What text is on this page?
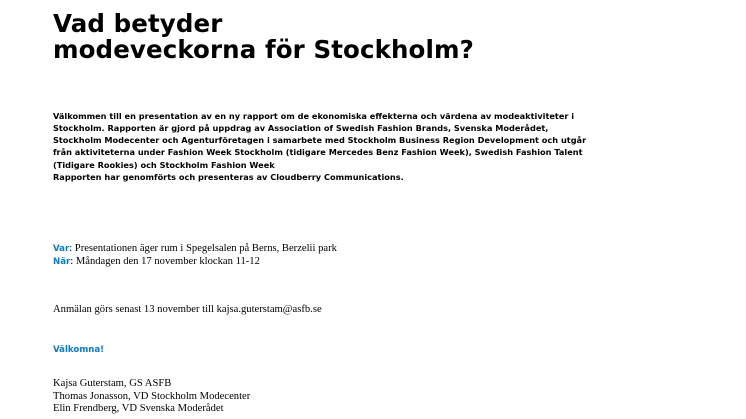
Vad betyder
modeveckorna för Stockholm?

Välkommen till en presentation av en ny rapport om de ekonomiska effekterna och värdena av modeaktiviteter i Stockholm. Rapporten är gjord på uppdrag av Association of Swedish Fashion Brands, Svenska Moderådet, Stockholm Modecenter och Agenturföretagen i samarbete med Stockholm Business Region Development och utgår från aktiviteterna under Fashion Week Stockholm (tidigare Mercedes Benz Fashion Week), Swedish Fashion Talent (Tidigare Rookies) och Stockholm Fashion Week

Rapporten har genomförts och presenteras av Cloudberry Communications.

Var: Presentationen äger rum i Spegelsalen på Berns, Berzelii park
När: Måndagen den 17 november klockan 11-12
Anmälan görs senast 13 november till kajsa.guterstam@asfb.se
Välkomna!
Kajsa Guterstam, GS ASFB
Thomas Jonasson, VD Stockholm Modecenter
Elin Frendberg, VD Svenska Moderådet
